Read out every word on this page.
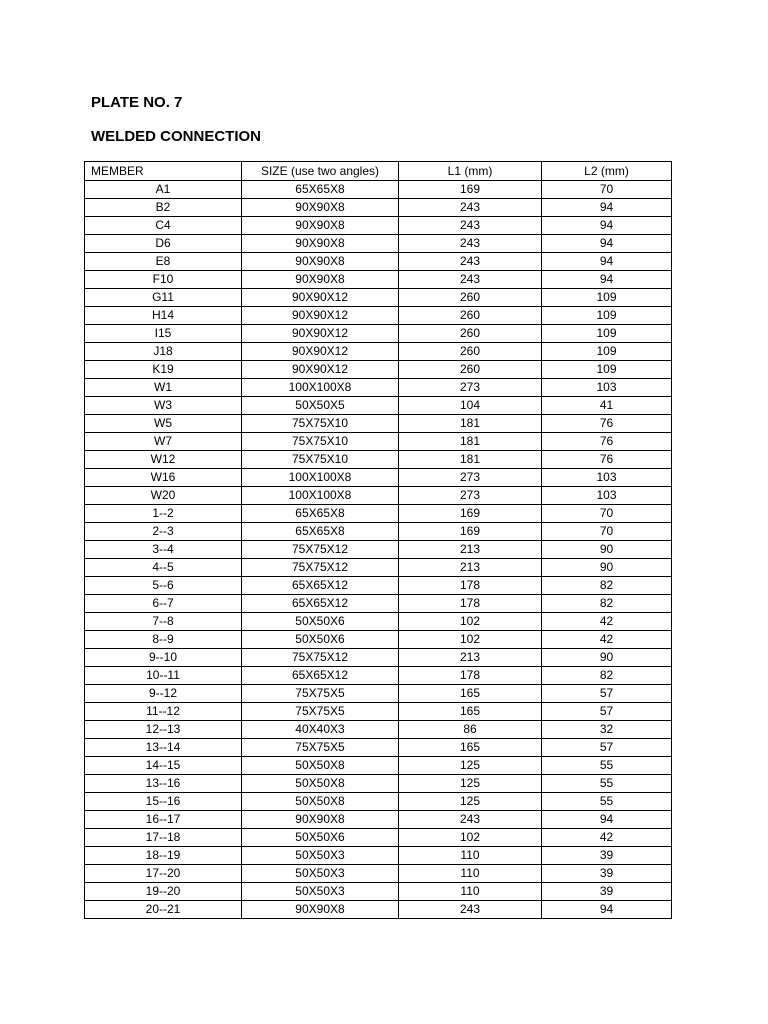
PLATE NO. 7
WELDED CONNECTION
MEMBER	SIZE (use two angles)	L1 (mm)	L2 (mm)
A1	65X65X8	169	70
B2	90X90X8	243	94
C4	90X90X8	243	94
D6	90X90X8	243	94
E8	90X90X8	243	94
F10	90X90X8	243	94
G11	90X90X12	260	109
H14	90X90X12	260	109
I15	90X90X12	260	109
J18	90X90X12	260	109
K19	90X90X12	260	109
W1	100X100X8	273	103
W3	50X50X5	104	41
W5	75X75X10	181	76
W7	75X75X10	181	76
W12	75X75X10	181	76
W16	100X100X8	273	103
W20	100X100X8	273	103
1--2	65X65X8	169	70
2--3	65X65X8	169	70
3--4	75X75X12	213	90
4--5	75X75X12	213	90
5--6	65X65X12	178	82
6--7	65X65X12	178	82
7--8	50X50X6	102	42
8--9	50X50X6	102	42
9--10	75X75X12	213	90
10--11	65X65X12	178	82
9--12	75X75X5	165	57
11--12	75X75X5	165	57
12--13	40X40X3	86	32
13--14	75X75X5	165	57
14--15	50X50X8	125	55
13--16	50X50X8	125	55
15--16	50X50X8	125	55
16--17	90X90X8	243	94
17--18	50X50X6	102	42
18--19	50X50X3	110	39
17--20	50X50X3	110	39
19--20	50X50X3	110	39
20--21	90X90X8	243	94
